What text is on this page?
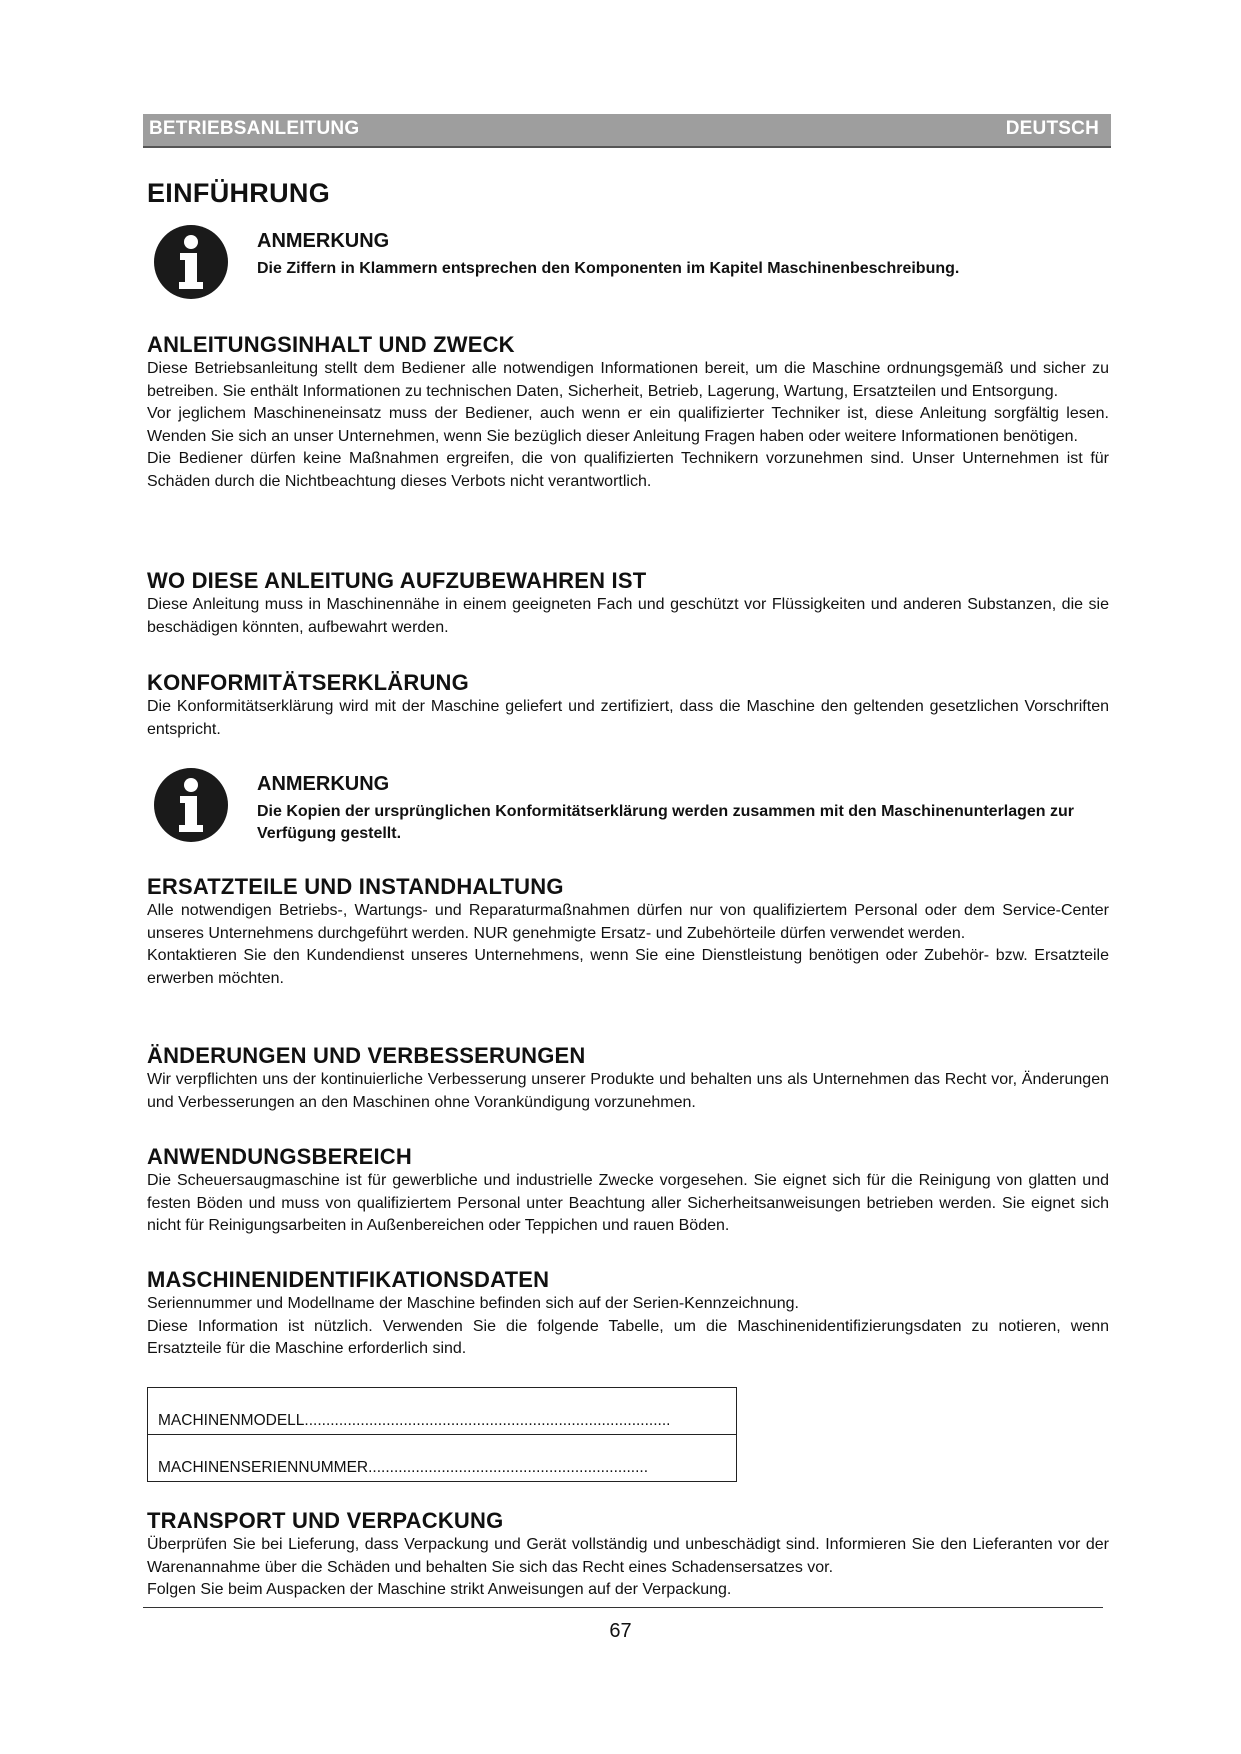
BETRIEBSANLEITUNG	DEUTSCH
EINFÜHRUNG
ANMERKUNG
Die Ziffern in Klammern entsprechen den Komponenten im Kapitel Maschinenbeschreibung.
ANLEITUNGSINHALT UND ZWECK

Diese Betriebsanleitung stellt dem Bediener alle notwendigen Informationen bereit, um die Maschine ordnungsgemäß und sicher zu betreiben. Sie enthält Informationen zu technischen Daten, Sicherheit, Betrieb, Lagerung, Wartung, Ersatzteilen und Entsorgung.

Vor jeglichem Maschineneinsatz muss der Bediener, auch wenn er ein qualifizierter Techniker ist, diese Anleitung sorgfältig lesen. Wenden Sie sich an unser Unternehmen, wenn Sie bezüglich dieser Anleitung Fragen haben oder weitere Informationen benötigen.

Die Bediener dürfen keine Maßnahmen ergreifen, die von qualifizierten Technikern vorzunehmen sind. Unser Unternehmen ist für Schäden durch die Nichtbeachtung dieses Verbots nicht verantwortlich.

WO DIESE ANLEITUNG AUFZUBEWAHREN IST

Diese Anleitung muss in Maschinennähe in einem geeigneten Fach und geschützt vor Flüssigkeiten und anderen Substanzen, die sie beschädigen könnten, aufbewahrt werden.

KONFORMITÄTSERKLÄRUNG

Die Konformitätserklärung wird mit der Maschine geliefert und zertifiziert, dass die Maschine den geltenden gesetzlichen Vorschriften entspricht.

ANMERKUNG
Die Kopien der ursprünglichen Konformitätserklärung werden zusammen mit den Maschinenunterlagen zur Verfügung gestellt.
ERSATZTEILE UND INSTANDHALTUNG

Alle notwendigen Betriebs-, Wartungs- und Reparaturmaßnahmen dürfen nur von qualifiziertem Personal oder dem Service-Center unseres Unternehmens durchgeführt werden. NUR genehmigte Ersatz- und Zubehörteile dürfen verwendet werden.

Kontaktieren Sie den Kundendienst unseres Unternehmens, wenn Sie eine Dienstleistung benötigen oder Zubehör- bzw. Ersatzteile erwerben möchten.

ÄNDERUNGEN UND VERBESSERUNGEN

Wir verpflichten uns der kontinuierliche Verbesserung unserer Produkte und behalten uns als Unternehmen das Recht vor, Änderungen und Verbesserungen an den Maschinen ohne Vorankündigung vorzunehmen.

ANWENDUNGSBEREICH

Die Scheuersaugmaschine ist für gewerbliche und industrielle Zwecke vorgesehen. Sie eignet sich für die Reinigung von glatten und festen Böden und muss von qualifiziertem Personal unter Beachtung aller Sicherheitsanweisungen betrieben werden. Sie eignet sich nicht für Reinigungsarbeiten in Außenbereichen oder Teppichen und rauen Böden.

MASCHINENIDENTIFIKATIONSDATEN

Seriennummer und Modellname der Maschine befinden sich auf der Serien-Kennzeichnung.

Diese Information ist nützlich. Verwenden Sie die folgende Tabelle, um die Maschinenidentifizierungsdaten zu notieren, wenn Ersatzteile für die Maschine erforderlich sind.

MACHINENMODELL.....................................................................................
MACHINENSERIENNUMMER.................................................................
TRANSPORT UND VERPACKUNG

Überprüfen Sie bei Lieferung, dass Verpackung und Gerät vollständig und unbeschädigt sind. Informieren Sie den Lieferanten vor der Warenannahme über die Schäden und behalten Sie sich das Recht eines Schadensersatzes vor.

Folgen Sie beim Auspacken der Maschine strikt Anweisungen auf der Verpackung.

67
